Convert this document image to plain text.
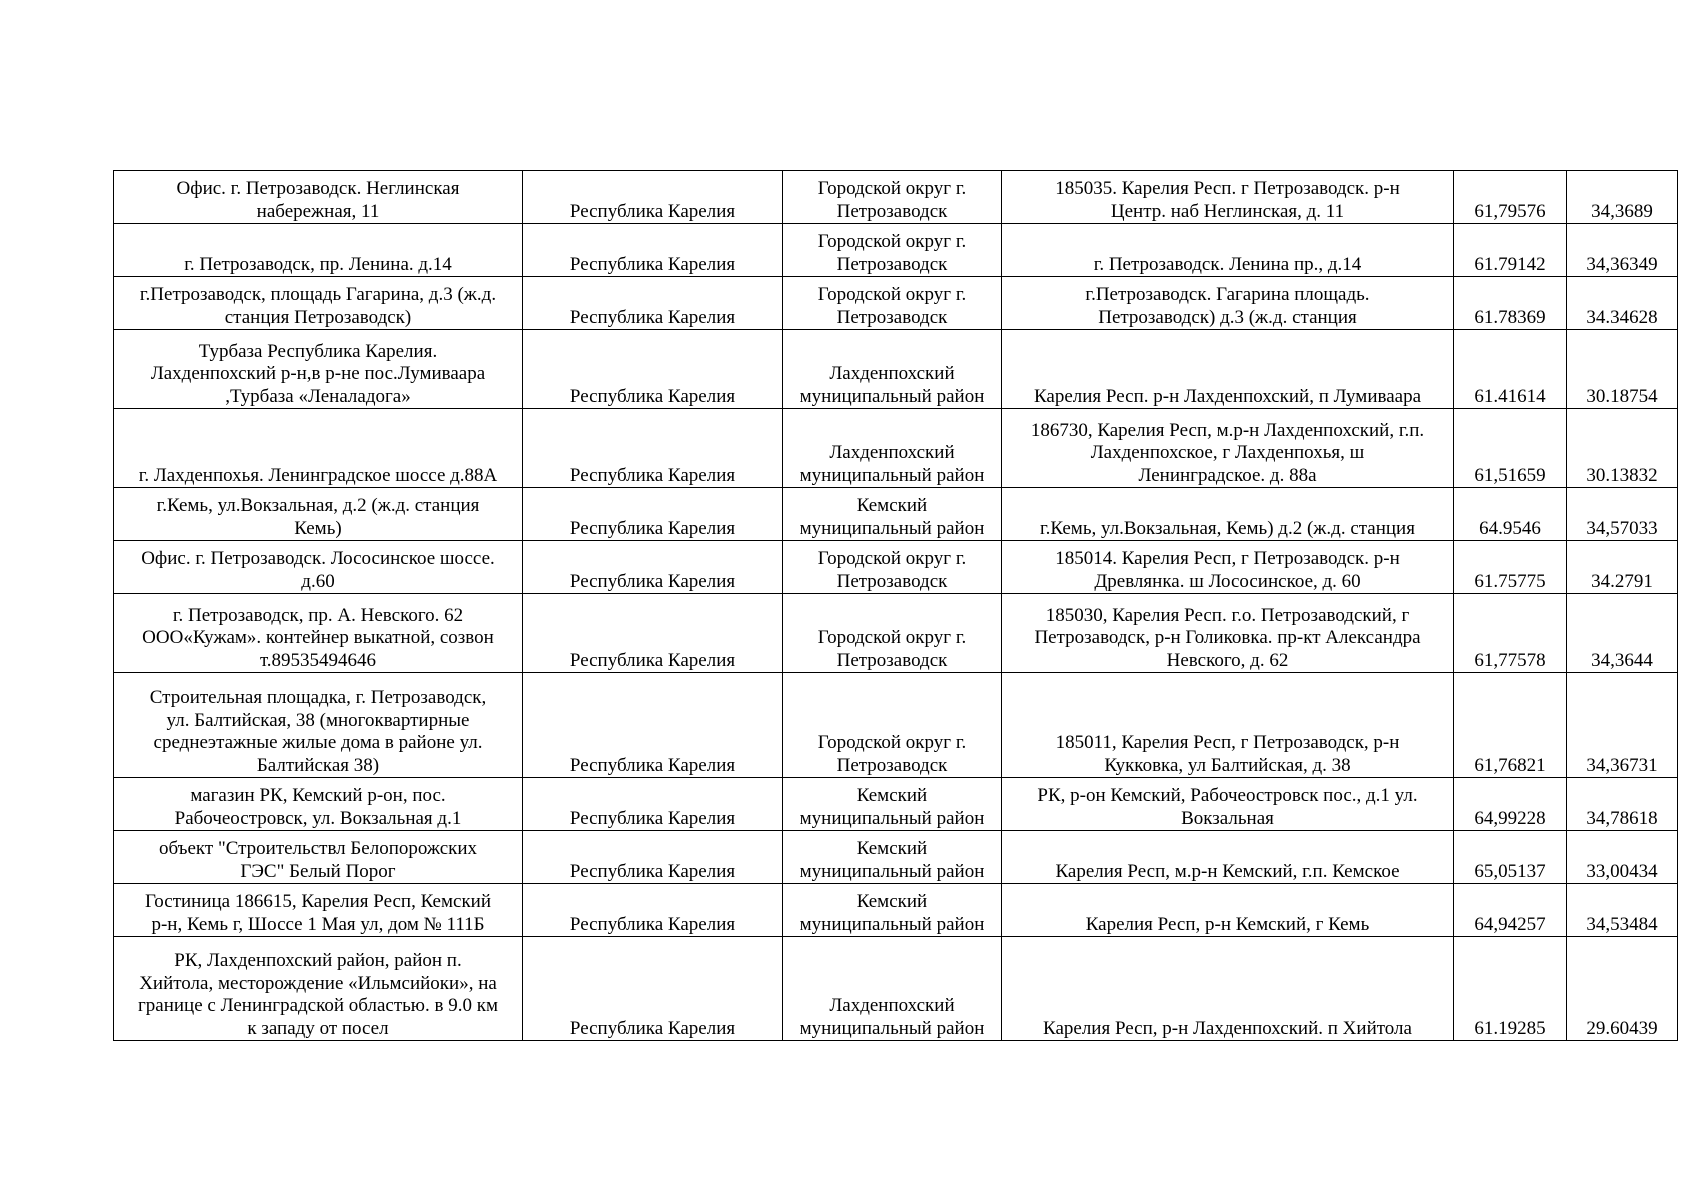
Офис. г. Петрозаводск. Неглинская
набережная, 11	Республика Карелия	Городской округ г.
Петрозаводск	185035. Карелия Респ. г Петрозаводск. р-н
Центр. наб Неглинская, д. 11	61,79576	34,3689
г. Петрозаводск, пр. Ленина. д.14	Республика Карелия	Городской округ г.
Петрозаводск	г. Петрозаводск. Ленина пр., д.14	61.79142	34,36349
г.Петрозаводск, площадь Гагарина, д.3 (ж.д.
станция Петрозаводск)	Республика Карелия	Городской округ г.
Петрозаводск	г.Петрозаводск. Гагарина площадь.
Петрозаводск) д.3 (ж.д. станция	61.78369	34.34628
Турбаза Республика Карелия.
Лахденпохский р-н,в р-не пос.Лумиваара
,Турбаза «Леналадога»	Республика Карелия	Лахденпохский
муниципальный район	Карелия Респ. р-н Лахденпохский, п Лумиваара	61.41614	30.18754
г. Лахденпохья. Ленинградское шоссе д.88А	Республика Карелия	Лахденпохский
муниципальный район	186730, Карелия Респ, м.р-н Лахденпохский, г.п.
Лахденпохское, г Лахденпохья, ш
Ленинградское. д. 88а	61,51659	30.13832
г.Кемь, ул.Вокзальная, д.2 (ж.д. станция
Кемь)	Республика Карелия	Кемский
муниципальный район	г.Кемь, ул.Вокзальная, Кемь) д.2 (ж.д. станция	64.9546	34,57033
Офис. г. Петрозаводск. Лососинское шоссе.
д.60	Республика Карелия	Городской округ г.
Петрозаводск	185014. Карелия Респ, г Петрозаводск. р-н
Древлянка. ш Лососинское, д. 60	61.75775	34.2791
г. Петрозаводск, пр. А. Невского. 62
ООО«Кужам». контейнер выкатной, созвон
т.89535494646	Республика Карелия	Городской округ г.
Петрозаводск	185030, Карелия Респ. г.о. Петрозаводский, г
Петрозаводск, р-н Голиковка. пр-кт Александра
Невского, д. 62	61,77578	34,3644
Строительная площадка, г. Петрозаводск,
ул. Балтийская, 38 (многоквартирные
среднеэтажные жилые дома в районе ул.
Балтийская 38)	Республика Карелия	Городской округ г.
Петрозаводск	185011, Карелия Респ, г Петрозаводск, р-н
Кукковка, ул Балтийская, д. 38	61,76821	34,36731
магазин РК, Кемский р-он, пос.
Рабочеостровск, ул. Вокзальная д.1	Республика Карелия	Кемский
муниципальный район	РК, р-он Кемский, Рабочеостровск пос., д.1 ул.
Вокзальная	64,99228	34,78618
объект "Строительствл Белопорожских
ГЭС" Белый Порог	Республика Карелия	Кемский
муниципальный район	Карелия Респ, м.р-н Кемский, г.п. Кемское	65,05137	33,00434
Гостиница 186615, Карелия Респ, Кемский
р-н, Кемь г, Шоссе 1 Мая ул, дом № 111Б	Республика Карелия	Кемский
муниципальный район	Карелия Респ, р-н Кемский, г Кемь	64,94257	34,53484
РК, Лахденпохский район, район п.
Хийтола, месторождение «Ильмсийоки», на
границе с Ленинградской областью. в 9.0 км
к западу от посел	Республика Карелия	Лахденпохский
муниципальный район	Карелия Респ, р-н Лахденпохский. п Хийтола	61.19285	29.60439
